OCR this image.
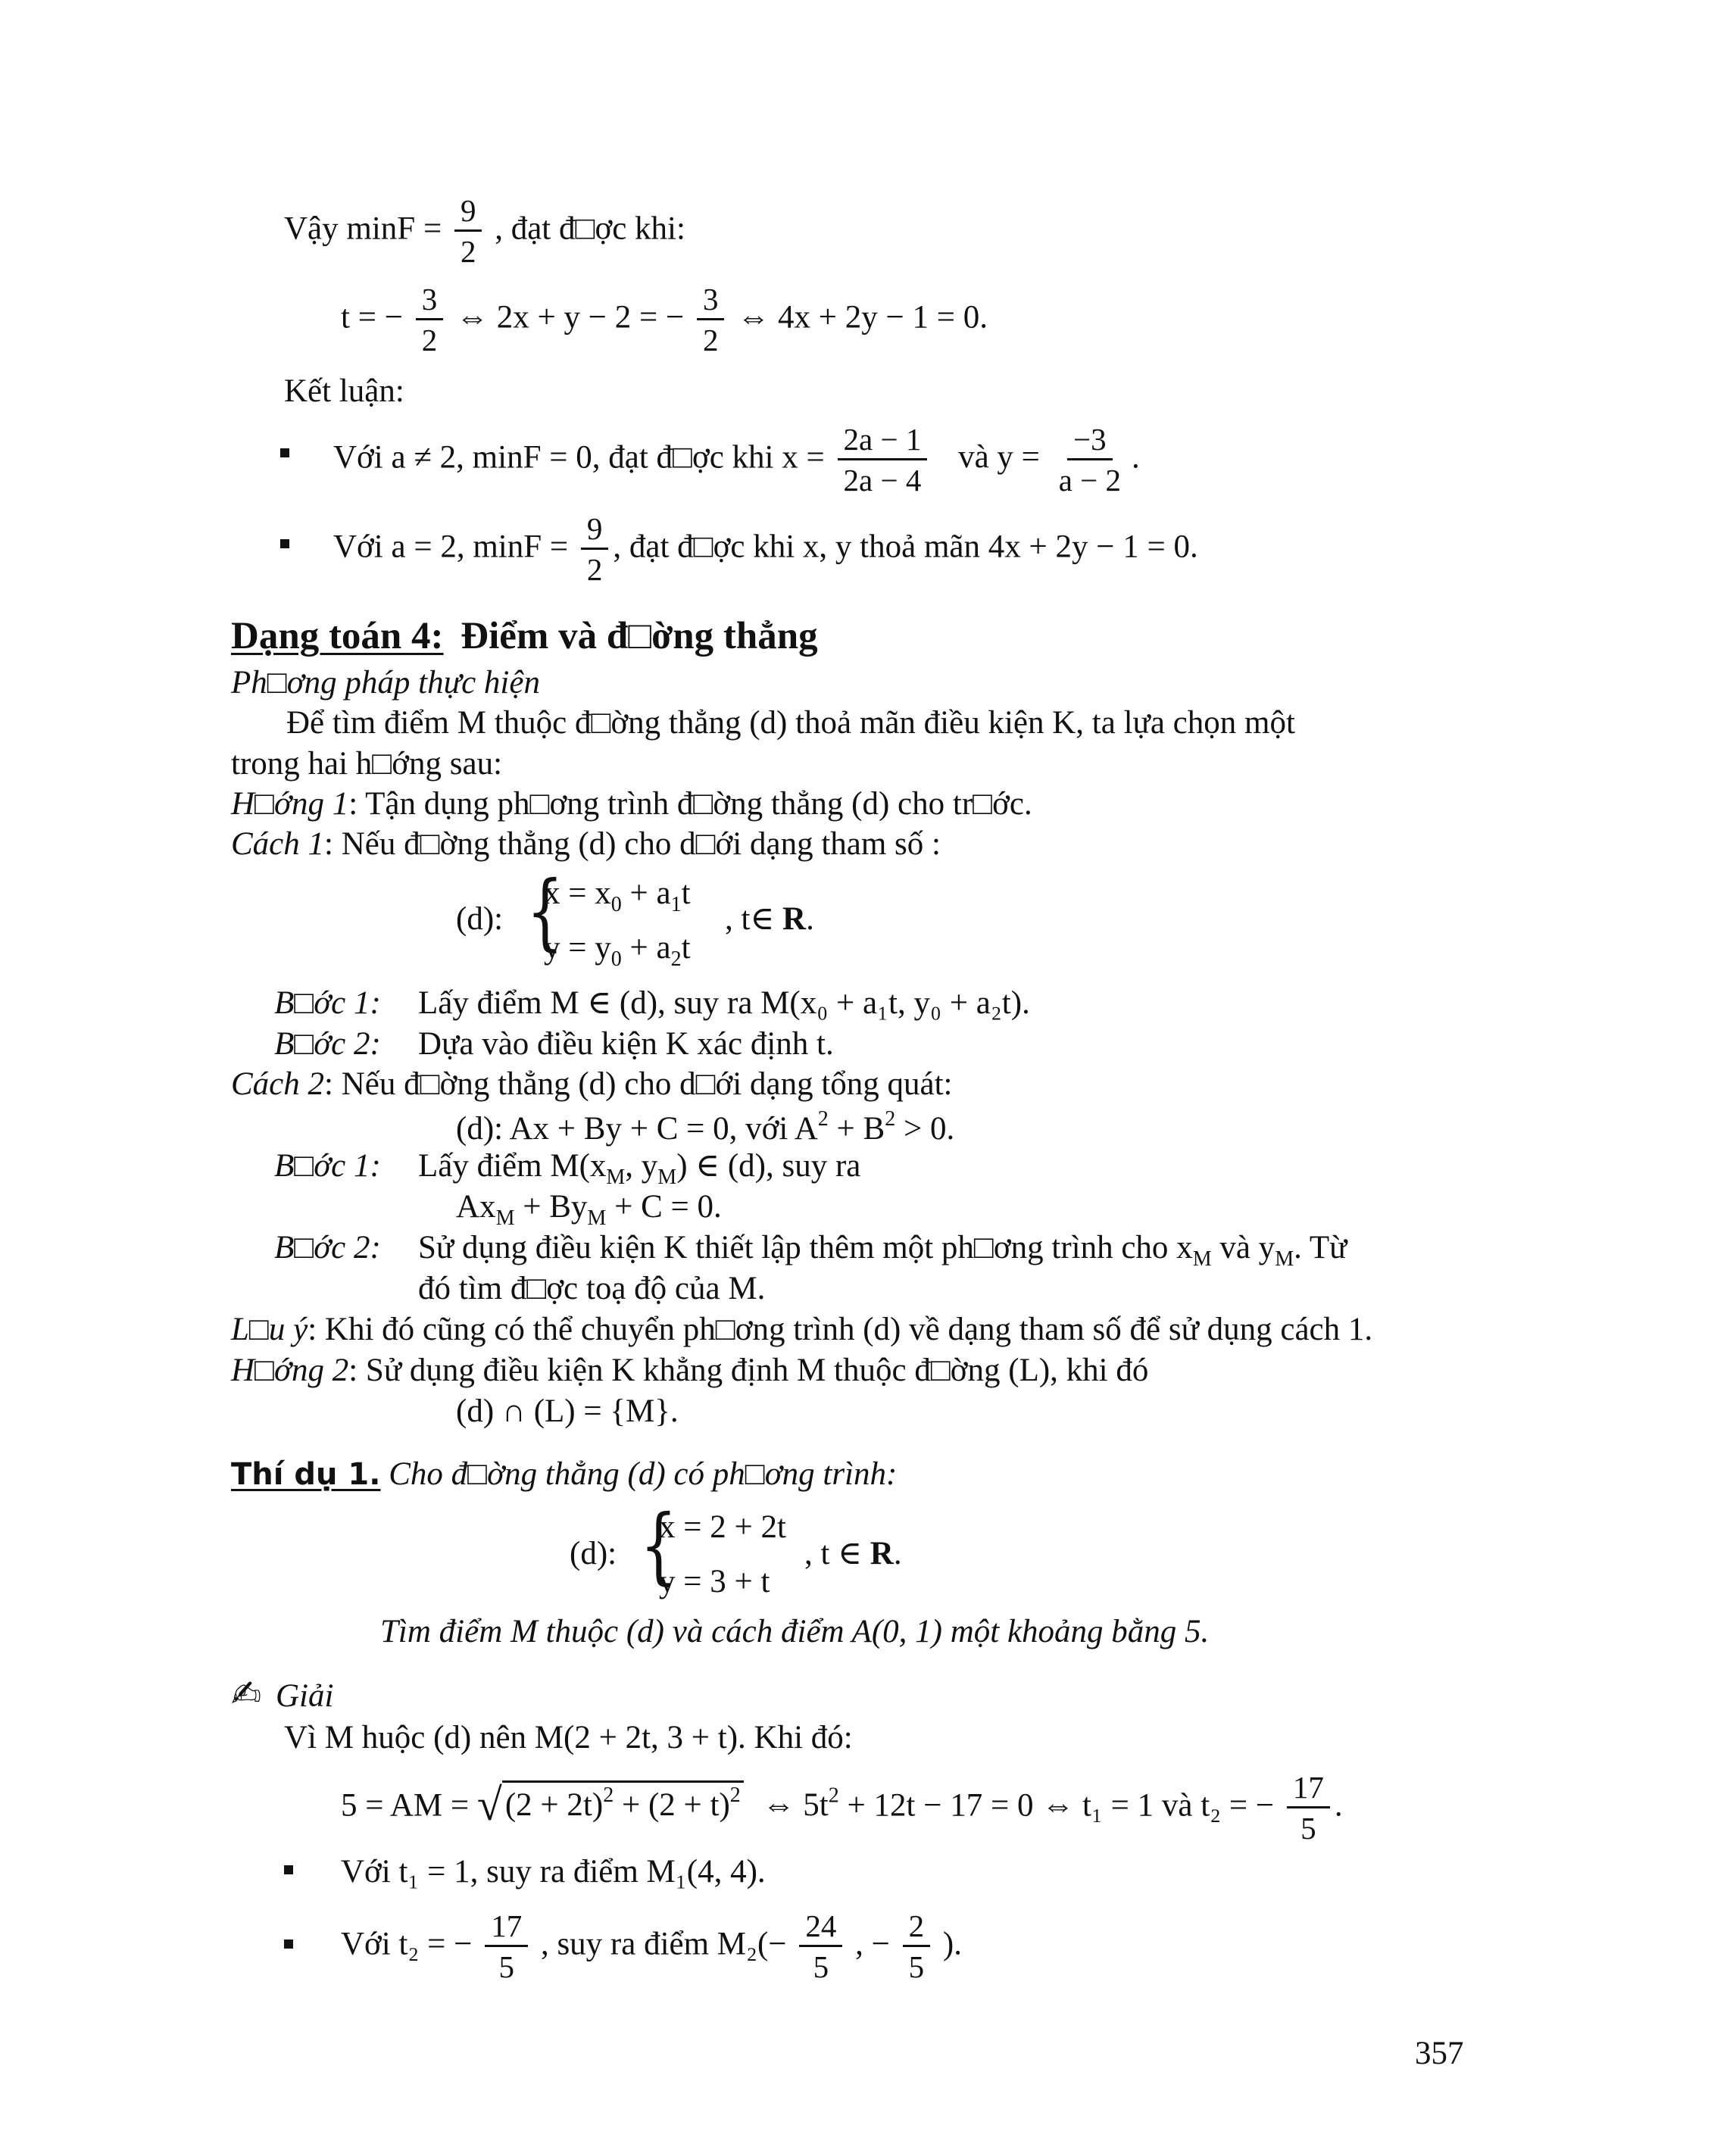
Vậy $\min F = \frac{9}{2}$ , đạt đ□ợc khi:
t = − $\frac{3}{2}$ ⇔ 2x + y − 2 = − $\frac{3}{2}$ ⇔ 4x + 2y − 1 = 0.
Kết luận:
Với a ≠ 2, minF = 0, đạt đ□ợc khi $x = \frac{2a - 1}{2a - 4}$ và $y = \frac{-3}{a - 2}$ .
Với a = 2, $\min F = \frac{9}{2}$ , đạt đ□ợc khi x, y thoả mãn 4x + 2y − 1 = 0.
Dạng toán 4: Điểm và đ□ờng thẳng
Ph□ơng pháp thực hiện
Để tìm điểm M thuộc đ□ờng thẳng (d) thoả mãn điều kiện K, ta lựa chọn một
trong hai h□ớng sau:
H□ớng 1: Tận dụng ph□ơng trình đ□ờng thẳng (d) cho tr□ớc.
Cách 1: Nếu đ□ờng thẳng (d) cho d□ới dạng tham số :
(d): {
$x = x_0 + a_1t$
$y = y_0 + a_2t$
, t∈ R.
B□ớc 1: Lấy điểm M ∈ (d), suy ra M(x₀ + a₁t, y₀ + a₂t).
B□ớc 2: Dựa vào điều kiện K xác định t.
Cách 2: Nếu đ□ờng thẳng (d) cho d□ới dạng tổng quát:
(d): Ax + By + C = 0, với $A^2 + B^2 > 0$.
B□ớc 1: Lấy điểm $M(x_M$, $y_M$) ∈ (d), suy ra
$Ax_M + By_M + C = 0$.
B□ớc 2: Sử dụng điều kiện K thiết lập thêm một ph□ơng trình cho $x_M$ và $y_M$. Từ
đó tìm đ□ợc toạ độ của M.
L□u ý: Khi đó cũng có thể chuyển ph□ơng trình (d) về dạng tham số để sử dụng cách 1.
H□ớng 2: Sử dụng điều kiện K khẳng định M thuộc đ□ờng (L), khi đó
(d) ∩ (L) = {M}.
Thí dụ 1. Cho đ□ờng thẳng (d) có ph□ơng trình:
(d): {
x = 2 + 2t
y = 3 + t
, t ∈ R.
Tìm điểm M thuộc (d) và cách điểm A(0, 1) một khoảng bằng 5.
✍ Giải
Vì M huộc (d) nên M(2 + 2t, 3 + t). Khi đó:
5 = AM = $√(2 + 2t)^2 + (2 + t)^2$ ⇔ $5t^2 + 12t - 17 = 0$ ⇔ t₁ = 1 và t₂ = − $\frac{17}{5}$ .
Với t₁ = 1, suy ra điểm M₁(4, 4).
Với t₂ = − $\frac{17}{5}$ , suy ra điểm $M_2(- \frac{24}{5}$ , − $\frac{2}{5}$ ).
357
